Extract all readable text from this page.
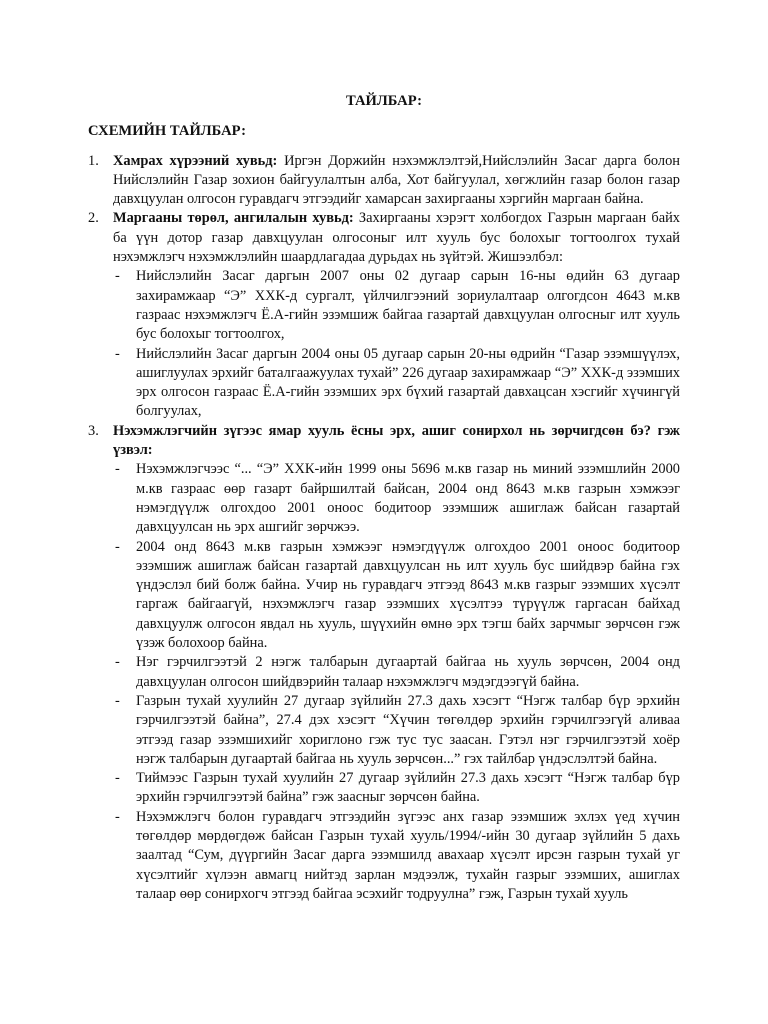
ТАЙЛБАР:
СХЕМИЙН ТАЙЛБАР:
1. Хамрах хүрээний хувьд: Иргэн Доржийн нэхэмжлэлтэй,Нийслэлийн Засаг дарга болон Нийслэлийн Газар зохион байгуулалтын алба, Хот байгуулал, хөгжлийн газар болон газар давхцуулан олгосон гуравдагч этгээдийг хамарсан захиргааны хэргийн маргаан байна.
2. Маргааны төрөл, ангилалын хувьд: Захиргааны хэрэгт холбогдох Газрын маргаан байх ба үүн дотор газар давхцуулан олгосоныг илт хууль бус болохыг тогтоолгох тухай нэхэмжлэгч нэхэмжлэлийн шаардлагадаа дурьдах нь зүйтэй. Жишээлбэл:
- Нийслэлийн Засаг даргын 2007 оны 02 дугаар сарын 16-ны өдийн 63 дугаар захирамжаар “Э” ХХК-д сургалт, үйлчилгээний зориулалтаар олгогдсон 4643 м.кв газраас нэхэмжлэгч Ё.А-гийн эзэмшиж байгаа газартай давхцуулан олгосныг илт хууль бус болохыг тогтоолгох,
- Нийслэлийн Засаг даргын 2004 оны 05 дугаар сарын 20-ны өдрийн “Газар эзэмшүүлэх, ашиглуулах эрхийг баталгаажуулах тухай” 226 дугаар захирамжаар “Э” ХХК-д эзэмших эрх олгосон газраас Ё.А-гийн эзэмших эрх бүхий газартай давхацсан хэсгийг хүчингүй болгуулах,
3. Нэхэмжлэгчийн зүгээс ямар хууль ёсны эрх, ашиг сонирхол нь зөрчигдсөн бэ? гэж үзвэл:
- Нэхэмжлэгчээс “... “Э” ХХК-ийн 1999 оны 5696 м.кв газар нь миний эзэмшлийн 2000 м.кв газраас өөр газарт байршилтай байсан, 2004 онд 8643 м.кв газрын хэмжээг нэмэгдүүлж олгохдоо 2001 оноос бодитоор эзэмшиж ашиглаж байсан газартай давхцуулсан нь эрх ашгийг зөрчжээ.
- 2004 онд 8643 м.кв газрын хэмжээг нэмэгдүүлж олгохдоо 2001 оноос бодитоор эзэмшиж ашиглаж байсан газартай давхцуулсан нь илт хууль бус шийдвэр байна гэх үндэслэл бий болж байна. Учир нь гуравдагч этгээд 8643 м.кв газрыг эзэмших хүсэлт гаргаж байгаагүй, нэхэмжлэгч газар эзэмших хүсэлтээ түрүүлж гаргасан байхад давхцуулж олгосон явдал нь хууль, шүүхийн өмнө эрх тэгш байх зарчмыг зөрчсөн гэж үзэж болохоор байна.
- Нэг гэрчилгээтэй 2 нэгж талбарын дугаартай байгаа нь хууль зөрчсөн, 2004 онд давхцуулан олгосон шийдвэрийн талаар нэхэмжлэгч мэдэгдээгүй байна.
- Газрын тухай хуулийн 27 дугаар зүйлийн 27.3 дахь хэсэгт “Нэгж талбар бүр эрхийн гэрчилгээтэй байна”, 27.4 дэх хэсэгт “Хүчин төгөлдөр эрхийн гэрчилгээгүй аливаа этгээд газар эзэмшихийг хориглоно гэж тус тус заасан. Гэтэл нэг гэрчилгээтэй хоёр нэгж талбарын дугаартай байгаа нь хууль зөрчсөн...” гэх тайлбар үндэслэлтэй байна.
- Тиймээс Газрын тухай хуулийн 27 дугаар зүйлийн 27.3 дахь хэсэгт “Нэгж талбар бүр эрхийн гэрчилгээтэй байна” гэж заасныг зөрчсөн байна.
- Нэхэмжлэгч болон гуравдагч этгээдийн зүгээс анх газар эзэмшиж эхлэх үед хүчин төгөлдөр мөрдөгдөж байсан Газрын тухай хууль/1994/-ийн 30 дугаар зүйлийн 5 дахь заалтад “Сум, дүүргийн Засаг дарга эзэмшилд авахаар хүсэлт ирсэн газрын тухай уг хүсэлтийг хүлээн авмагц нийтэд зарлан мэдээлж, тухайн газрыг эзэмших, ашиглах талаар өөр сонирхогч этгээд байгаа эсэхийг тодруулна” гэж, Газрын тухай хууль
